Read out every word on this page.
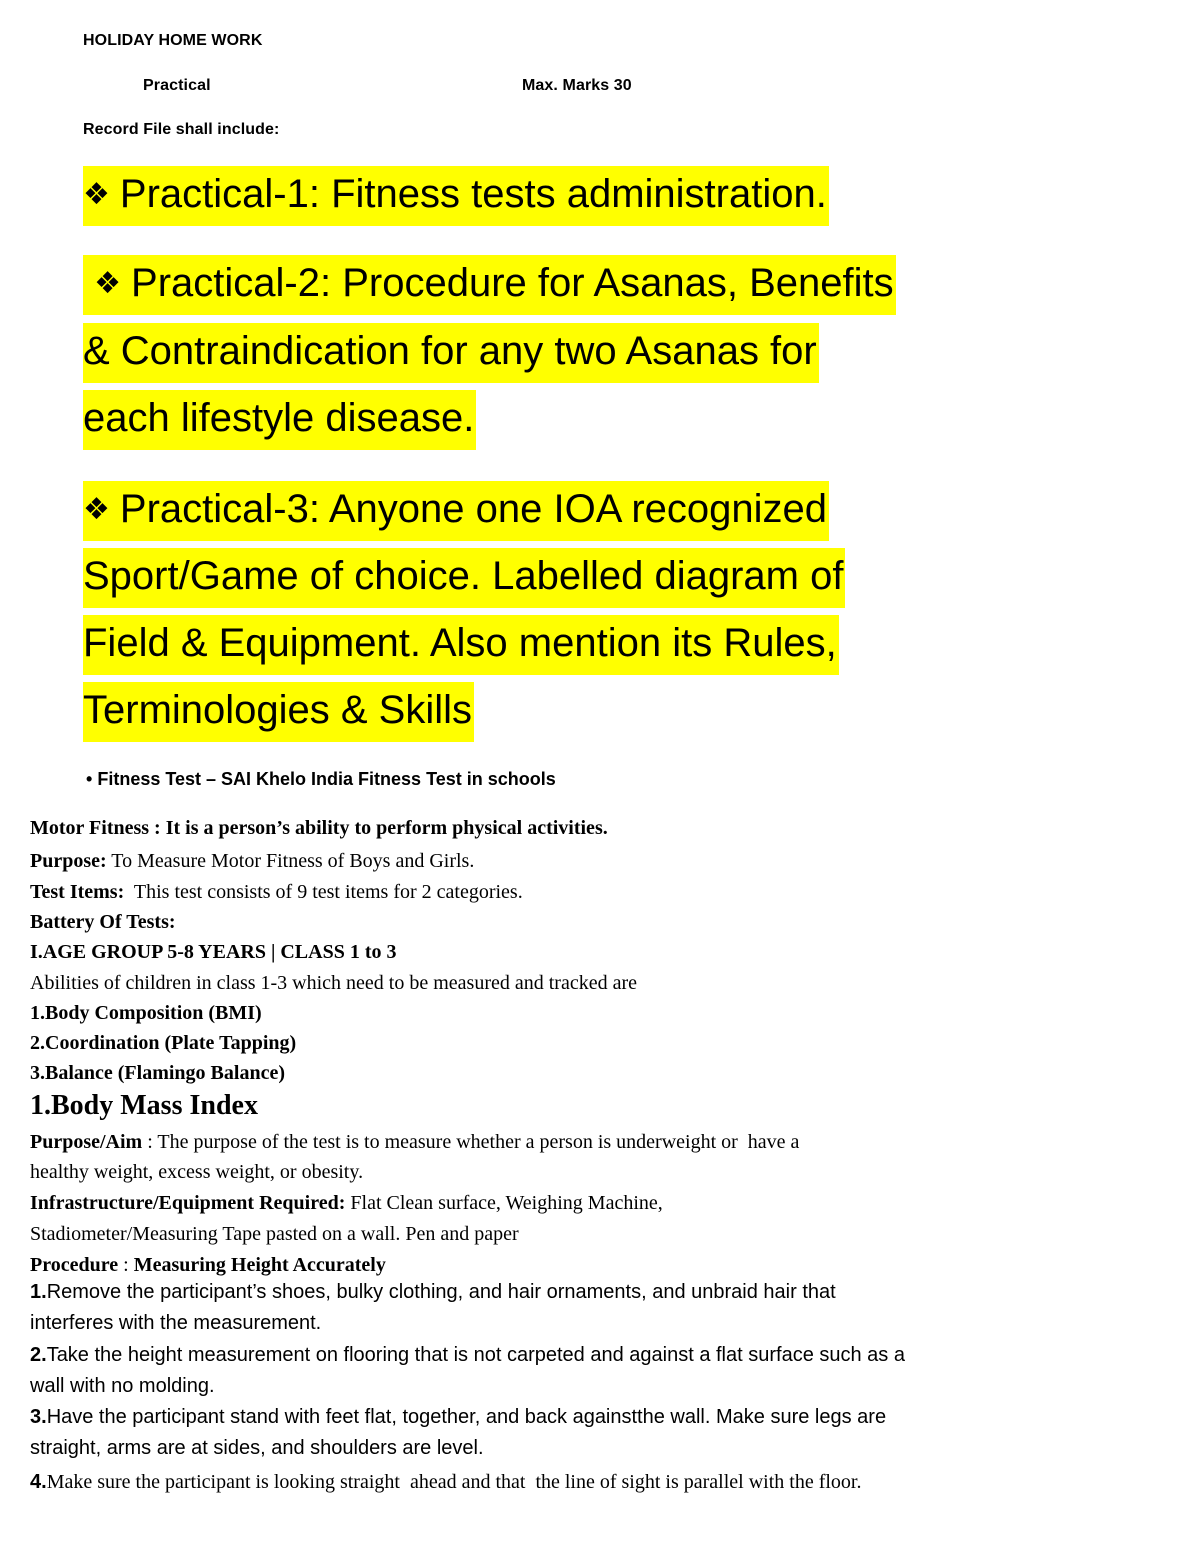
HOLIDAY HOME WORK
Practical	Max. Marks 30
Record File shall include:
❖ Practical-1: Fitness tests administration.
❖ Practical-2: Procedure for Asanas, Benefits
& Contraindication for any two Asanas for
each lifestyle disease.
❖ Practical-3: Anyone one IOA recognized
Sport/Game of choice. Labelled diagram of
Field & Equipment. Also mention its Rules,
Terminologies & Skills
• Fitness Test – SAI Khelo India Fitness Test in schools
Motor Fitness : It is a person’s ability to perform physical activities.
Purpose: To Measure Motor Fitness of Boys and Girls.
Test Items:  This test consists of 9 test items for 2 categories.
Battery Of Tests:
I.AGE GROUP 5-8 YEARS | CLASS 1 to 3
Abilities of children in class 1-3 which need to be measured and tracked are
1.Body Composition (BMI)
2.Coordination (Plate Tapping)
3.Balance (Flamingo Balance)
1.Body Mass Index
Purpose/Aim : The purpose of the test is to measure whether a person is underweight or  have a
healthy weight, excess weight, or obesity.
Infrastructure/Equipment Required: Flat Clean surface, Weighing Machine,
Stadiometer/Measuring Tape pasted on a wall. Pen and paper
Procedure : Measuring Height Accurately
1.Remove the participant’s shoes, bulky clothing, and hair ornaments, and unbraid hair that
interferes with the measurement.
2.Take the height measurement on flooring that is not carpeted and against a flat surface such as a
wall with no molding.
3.Have the participant stand with feet flat, together, and back againstthe wall. Make sure legs are
straight, arms are at sides, and shoulders are level.
4.Make sure the participant is looking straight  ahead and that  the line of sight is parallel with the floor.
